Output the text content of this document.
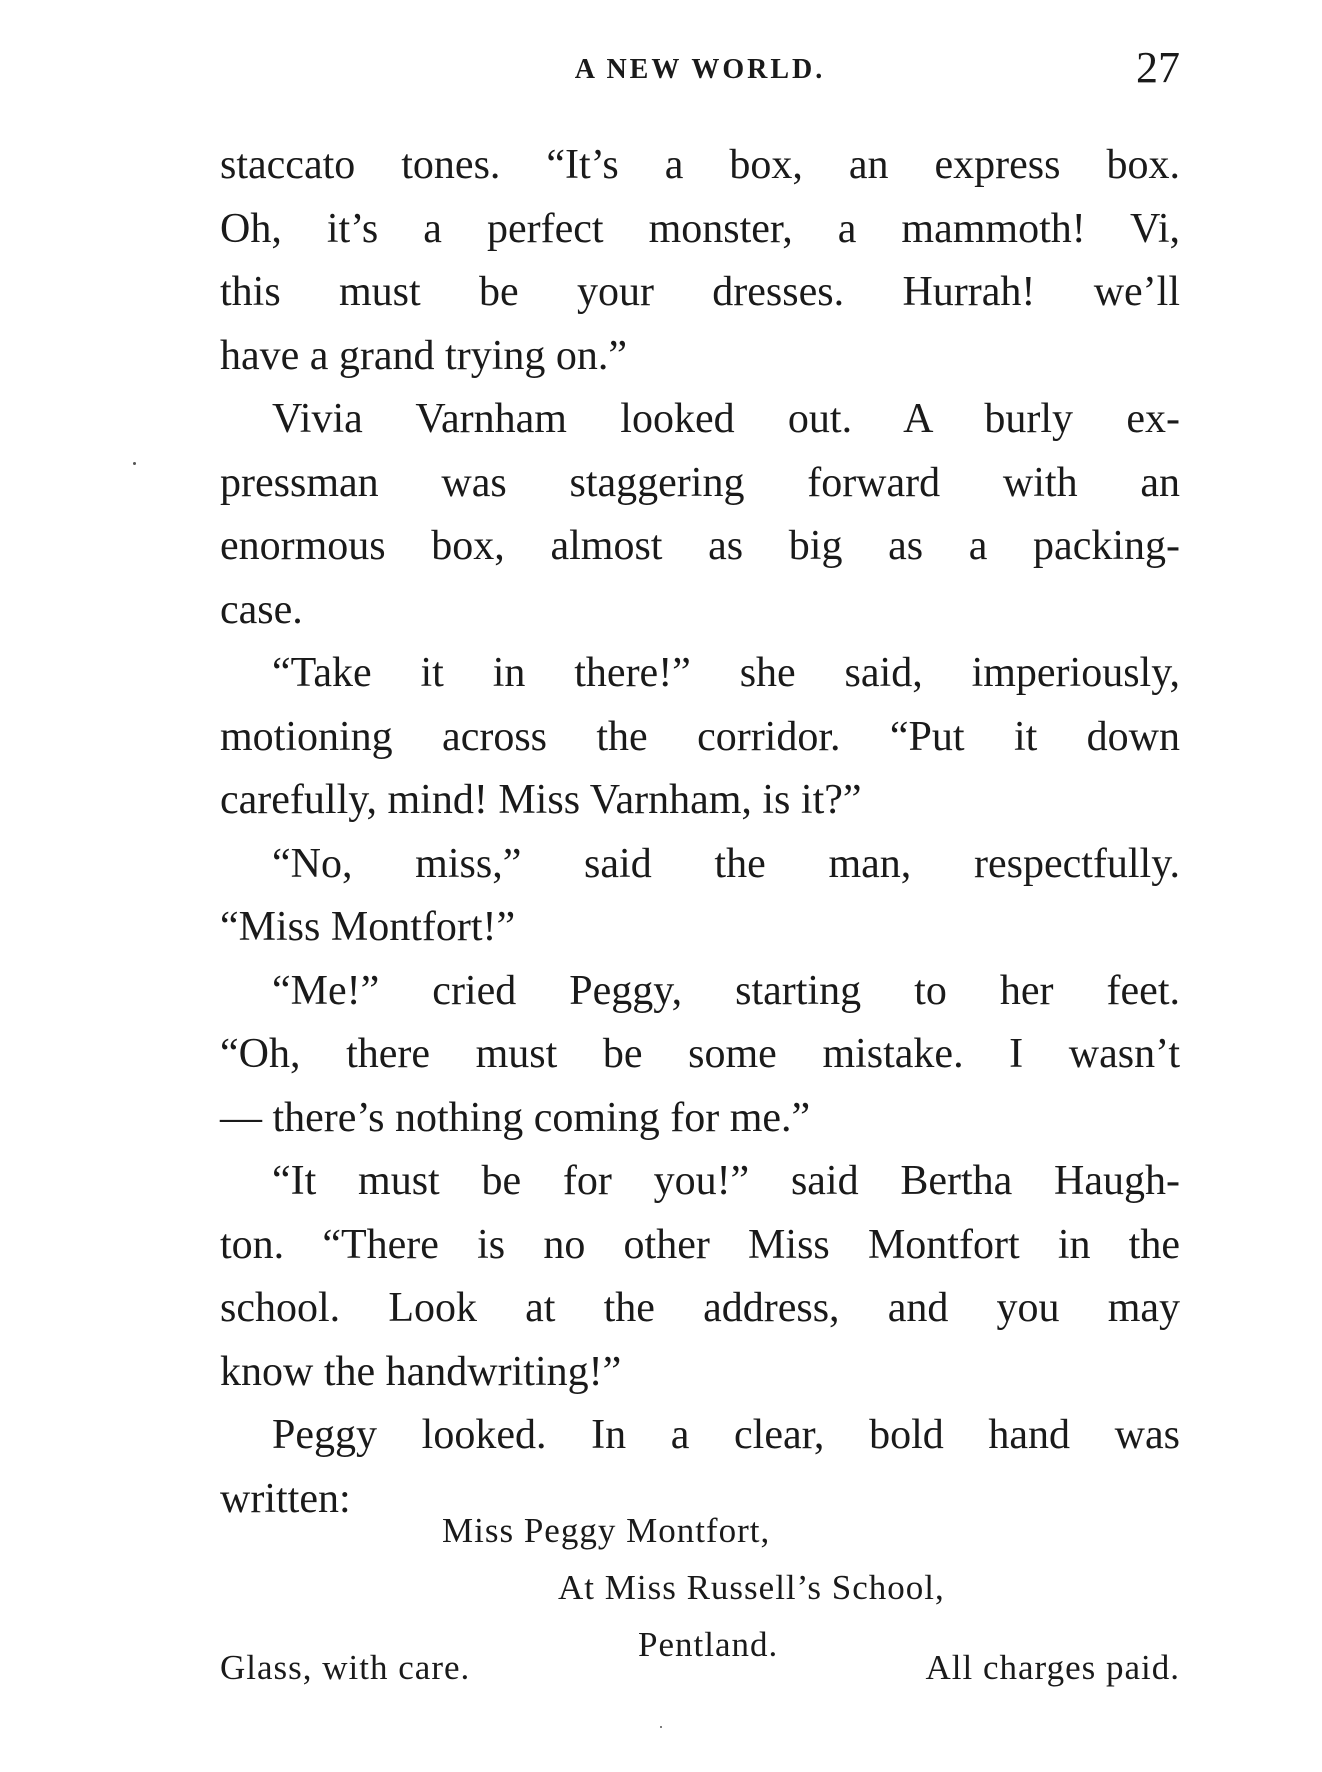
A NEW WORLD.	27
staccato tones. “It’s a box, an express box.
Oh, it’s a perfect monster, a mammoth! Vi,
this must be your dresses. Hurrah! we’ll
have a grand trying on.”
Vivia Varnham looked out. A burly ex-
pressman was staggering forward with an
enormous box, almost as big as a packing-
case.
“Take it in there!” she said, imperiously,
motioning across the corridor. “Put it down
carefully, mind! Miss Varnham, is it?”
“No, miss,” said the man, respectfully.
“Miss Montfort!”
“Me!” cried Peggy, starting to her feet.
“Oh, there must be some mistake. I wasn’t
— there’s nothing coming for me.”
“It must be for you!” said Bertha Haugh-
ton. “There is no other Miss Montfort in the
school. Look at the address, and you may
know the handwriting!”
Peggy looked. In a clear, bold hand was
written:
Miss Peggy Montfort,
At Miss Russell’s School,
Pentland.
Glass, with care.	All charges paid.
